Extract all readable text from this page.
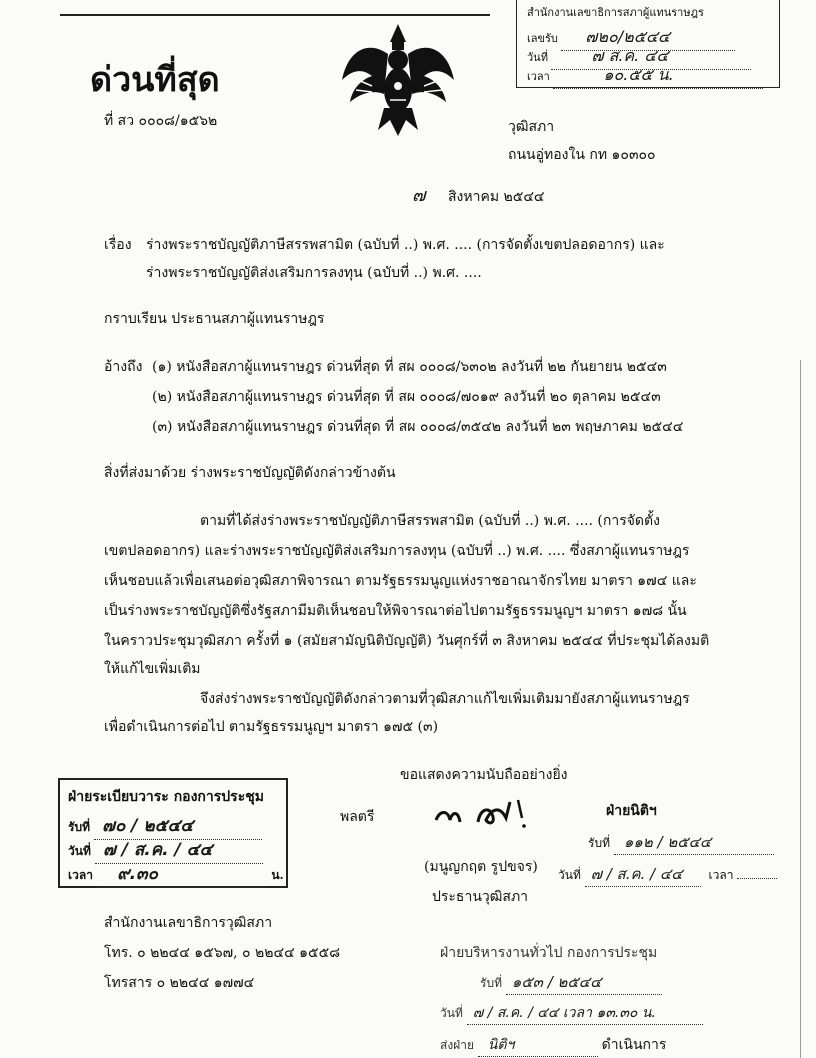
สำนักงานเลขาธิการสภาผู้แทนราษฎร
เลขรับ ๗๒๐/๒๕๔๔
วันที่	๗ ส.ค. ๔๔
เวลา	๑๐.๕๕ น.
ด่วนที่สุด
ที่ สว ๐๐๐๘/๑๕๖๒	วุฒิสภา
ถนนอู่ทองใน กท ๑๐๓๐๐
๗ สิงหาคม ๒๕๔๔
เรื่อง ร่างพระราชบัญญัติภาษีสรรพสามิต (ฉบับที่ ..) พ.ศ. .... (การจัดตั้งเขตปลอดอากร) และ
ร่างพระราชบัญญัติส่งเสริมการลงทุน (ฉบับที่ ..) พ.ศ. ....
กราบเรียน ประธานสภาผู้แทนราษฎร
อ้างถึง (๑) หนังสือสภาผู้แทนราษฎร ด่วนที่สุด ที่ สผ ๐๐๐๘/๖๓๐๒ ลงวันที่ ๒๒ กันยายน ๒๕๔๓
(๒) หนังสือสภาผู้แทนราษฎร ด่วนที่สุด ที่ สผ ๐๐๐๘/๗๐๑๙ ลงวันที่ ๒๐ ตุลาคม ๒๕๔๓
(๓) หนังสือสภาผู้แทนราษฎร ด่วนที่สุด ที่ สผ ๐๐๐๘/๓๕๔๒ ลงวันที่ ๒๓ พฤษภาคม ๒๕๔๔
สิ่งที่ส่งมาด้วย ร่างพระราชบัญญัติดังกล่าวข้างต้น
ตามที่ได้ส่งร่างพระราชบัญญัติภาษีสรรพสามิต (ฉบับที่ ..) พ.ศ. .... (การจัดตั้ง
เขตปลอดอากร) และร่างพระราชบัญญัติส่งเสริมการลงทุน (ฉบับที่ ..) พ.ศ. .... ซึ่งสภาผู้แทนราษฎร
เห็นชอบแล้วเพื่อเสนอต่อวุฒิสภาพิจารณา ตามรัฐธรรมนูญแห่งราชอาณาจักรไทย มาตรา ๑๗๔ และ
เป็นร่างพระราชบัญญัติซึ่งรัฐสภามีมติเห็นชอบให้พิจารณาต่อไปตามรัฐธรรมนูญฯ มาตรา ๑๗๘ นั้น
ในคราวประชุมวุฒิสภา ครั้งที่ ๑ (สมัยสามัญนิติบัญญัติ) วันศุกร์ที่ ๓ สิงหาคม ๒๕๔๔ ที่ประชุมได้ลงมติ
ให้แก้ไขเพิ่มเติม
จึงส่งร่างพระราชบัญญัติดังกล่าวตามที่วุฒิสภาแก้ไขเพิ่มเติมมายังสภาผู้แทนราษฎร
เพื่อดำเนินการต่อไป ตามรัฐธรรมนูญฯ มาตรา ๑๗๕ (๓)
ขอแสดงความนับถืออย่างยิ่ง
ฝ่ายระเบียบวาระ กองการประชุม
รับที่ ๗๐ / ๒๕๔๔
วันที่ ๗ / ส.ค. / ๔๔
เวลา ๙.๓๐	น.
พลตรี
(มนูญกฤต รูปขจร)
ประธานวุฒิสภา
ฝ่ายนิติฯ
รับที่ ๑๑๒ / ๒๕๔๔
วันที่ ๗ / ส.ค. / ๔๔ เวลา
สำนักงานเลขาธิการวุฒิสภา
โทร. ๐ ๒๒๔๔ ๑๕๖๗, ๐ ๒๒๔๔ ๑๕๕๘
โทรสาร ๐ ๒๒๔๔ ๑๗๗๔
ฝ่ายบริหารงานทั่วไป กองการประชุม
รับที่ ๑๕๓ / ๒๕๔๔
วันที่ ๗ / ส.ค. / ๔๔ เวลา ๑๓.๓๐ น.
ส่งฝ่าย นิติฯ	ดำเนินการ
